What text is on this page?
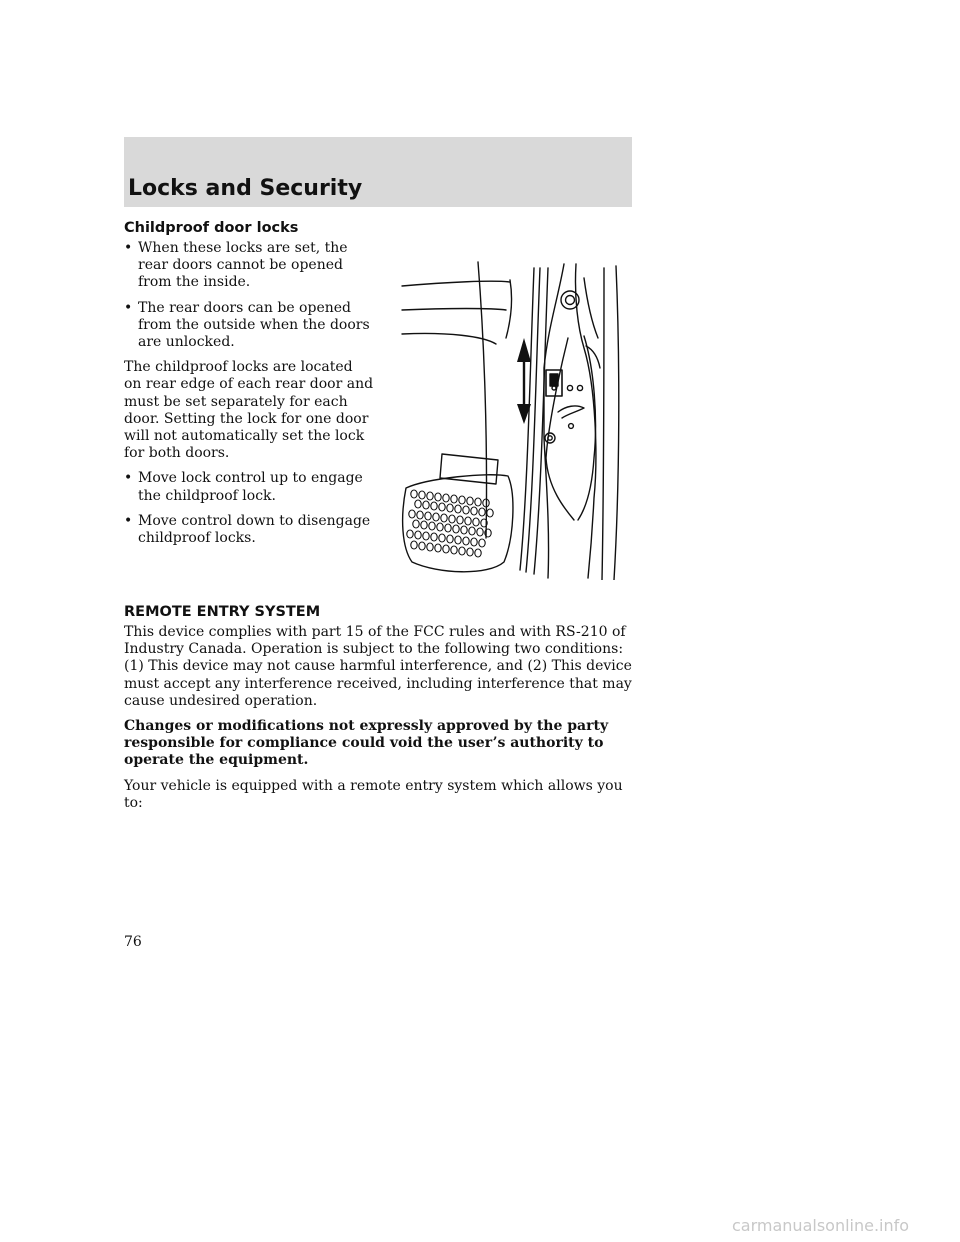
Locks and Security
Childproof door locks
• When these locks are set, the rear doors cannot be opened from the inside.
• The rear doors can be opened from the outside when the doors are unlocked.

The childproof locks are located on rear edge of each rear door and must be set separately for each door. Setting the lock for one door will not automatically set the lock for both doors.

• Move lock control up to engage the childproof lock.
• Move control down to disengage childproof locks.
REMOTE ENTRY SYSTEM

This device complies with part 15 of the FCC rules and with RS-210 of Industry Canada. Operation is subject to the following two conditions: (1) This device may not cause harmful interference, and (2) This device must accept any interference received, including interference that may cause undesired operation.

Changes or modifications not expressly approved by the party responsible for compliance could void the user’s authority to operate the equipment.

Your vehicle is equipped with a remote entry system which allows you to:

76
carmanualsonline.info
